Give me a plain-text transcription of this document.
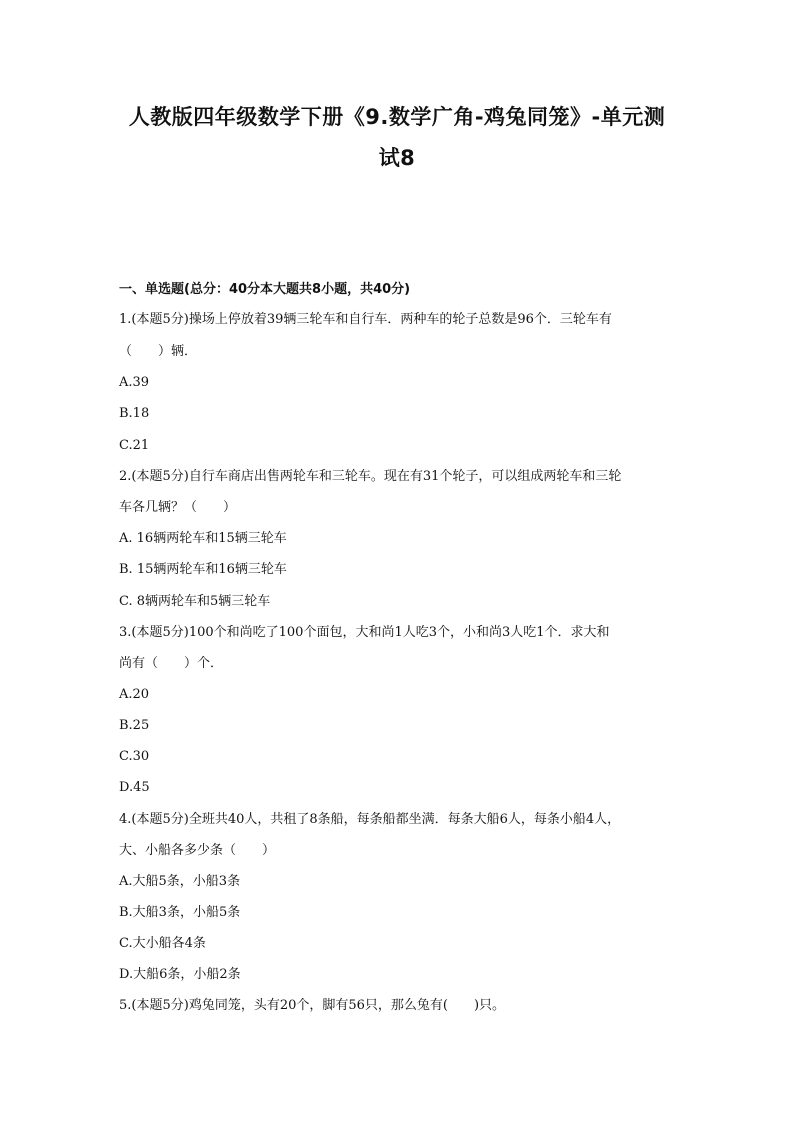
人教版四年级数学下册《9.数学广角-鸡兔同笼》-单元测
试8

一、单选题(总分：40分本大题共8小题，共40分)

1.(本题5分)操场上停放着39辆三轮车和自行车．两种车的轮子总数是96个．三轮车有

（　　）辆．

A.39

B.18

C.21

2.(本题5分)自行车商店出售两轮车和三轮车。现在有31个轮子，可以组成两轮车和三轮

车各几辆？（　　）

A. 16辆两轮车和15辆三轮车

B. 15辆两轮车和16辆三轮车

C. 8辆两轮车和5辆三轮车

3.(本题5分)100个和尚吃了100个面包，大和尚1人吃3个，小和尚3人吃1个．求大和

尚有（　　）个．

A.20

B.25

C.30

D.45

4.(本题5分)全班共40人，共租了8条船，每条船都坐满．每条大船6人，每条小船4人，

大、小船各多少条（　　）

A.大船5条，小船3条

B.大船3条，小船5条

C.大小船各4条

D.大船6条，小船2条

5.(本题5分)鸡兔同笼，头有20个，脚有56只，那么兔有(　　)只。
